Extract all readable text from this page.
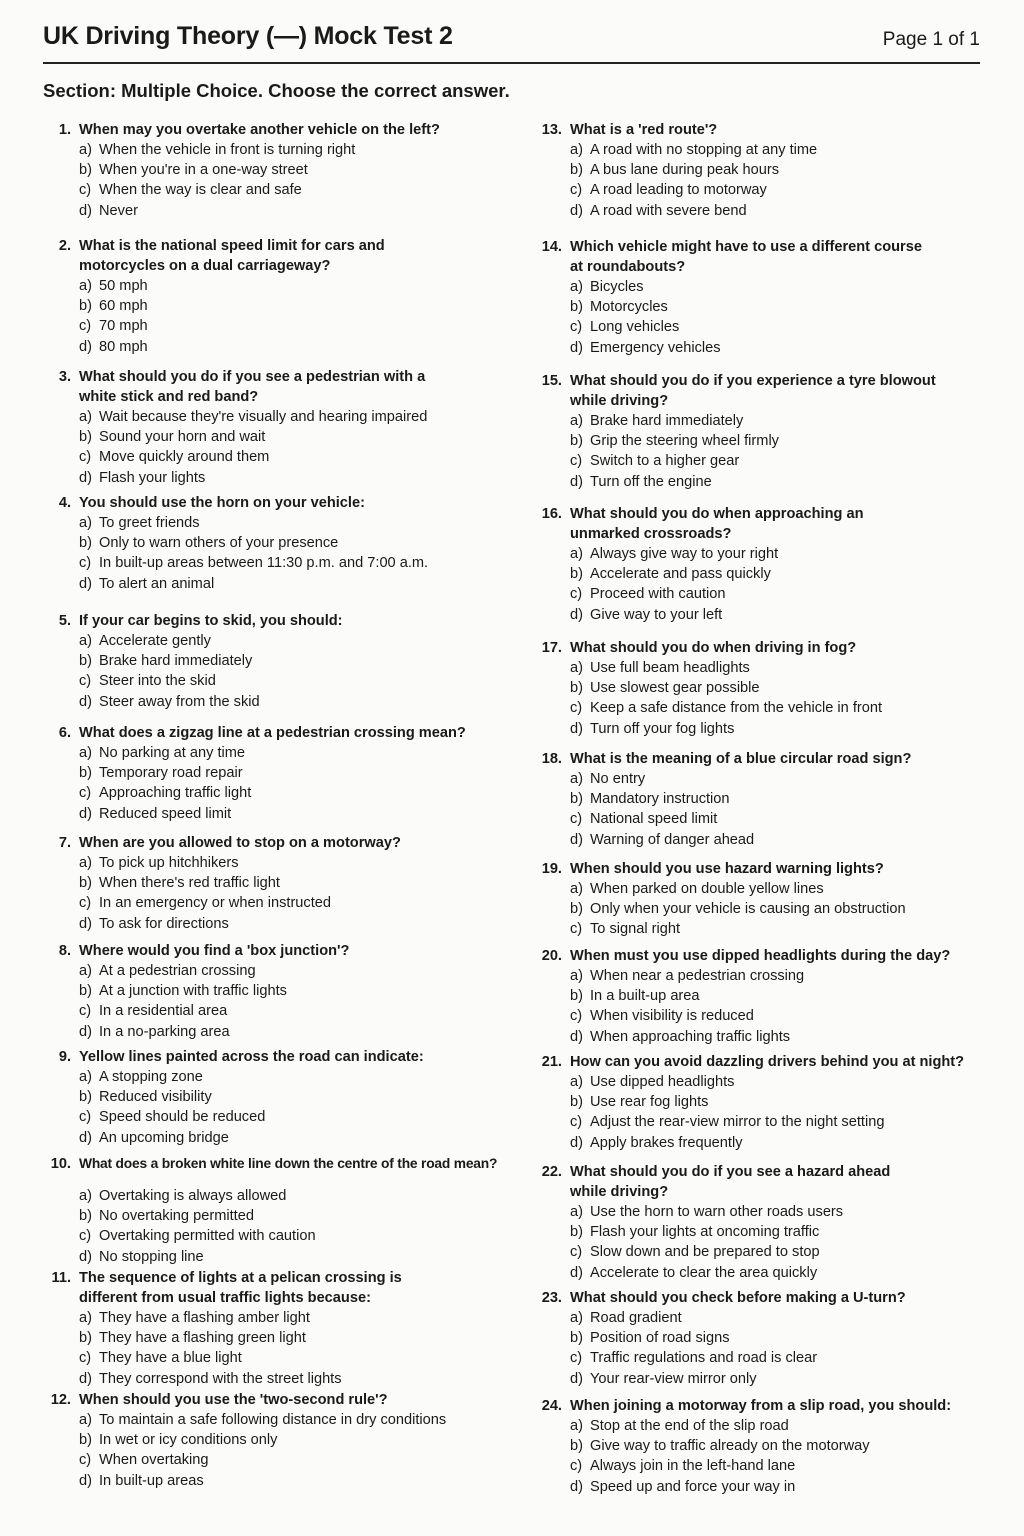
UK Driving Theory (—) Mock Test 2	Page 1 of 1
Section: Multiple Choice. Choose the correct answer.
1. When may you overtake another vehicle on the left?
a) When the vehicle in front is turning right
b) When you're in a one-way street
c) When the way is clear and safe
d) Never
2. What is the national speed limit for cars and
motorcycles on a dual carriageway?
a) 50 mph
b) 60 mph
c) 70 mph
d) 80 mph
3. What should you do if you see a pedestrian with a
white stick and red band?
a) Wait because they're visually and hearing impaired
b) Sound your horn and wait
c) Move quickly around them
d) Flash your lights
4. You should use the horn on your vehicle:
a) To greet friends
b) Only to warn others of your presence
c) In built-up areas between 11:30 p.m. and 7:00 a.m.
d) To alert an animal
5. If your car begins to skid, you should:
a) Accelerate gently
b) Brake hard immediately
c) Steer into the skid
d) Steer away from the skid
6. What does a zigzag line at a pedestrian crossing mean?
a) No parking at any time
b) Temporary road repair
c) Approaching traffic light
d) Reduced speed limit
7. When are you allowed to stop on a motorway?
a) To pick up hitchhikers
b) When there's red traffic light
c) In an emergency or when instructed
d) To ask for directions
8. Where would you find a 'box junction'?
a) At a pedestrian crossing
b) At a junction with traffic lights
c) In a residential area
d) In a no-parking area
9. Yellow lines painted across the road can indicate:
a) A stopping zone
b) Reduced visibility
c) Speed should be reduced
d) An upcoming bridge
10. What does a broken white line down the centre of the road mean?
a) Overtaking is always allowed
b) No overtaking permitted
c) Overtaking permitted with caution
d) No stopping line
11. The sequence of lights at a pelican crossing is
different from usual traffic lights because:
a) They have a flashing amber light
b) They have a flashing green light
c) They have a blue light
d) They correspond with the street lights
12. When should you use the 'two-second rule'?
a) To maintain a safe following distance in dry conditions
b) In wet or icy conditions only
c) When overtaking
d) In built-up areas
13. What is a 'red route'?
a) A road with no stopping at any time
b) A bus lane during peak hours
c) A road leading to motorway
d) A road with severe bend
14. Which vehicle might have to use a different course
at roundabouts?
a) Bicycles
b) Motorcycles
c) Long vehicles
d) Emergency vehicles
15. What should you do if you experience a tyre blowout
while driving?
a) Brake hard immediately
b) Grip the steering wheel firmly
c) Switch to a higher gear
d) Turn off the engine
16. What should you do when approaching an
unmarked crossroads?
a) Always give way to your right
b) Accelerate and pass quickly
c) Proceed with caution
d) Give way to your left
17. What should you do when driving in fog?
a) Use full beam headlights
b) Use slowest gear possible
c) Keep a safe distance from the vehicle in front
d) Turn off your fog lights
18. What is the meaning of a blue circular road sign?
a) No entry
b) Mandatory instruction
c) National speed limit
d) Warning of danger ahead
19. When should you use hazard warning lights?
a) When parked on double yellow lines
b) Only when your vehicle is causing an obstruction
c) To signal right
20. When must you use dipped headlights during the day?
a) When near a pedestrian crossing
b) In a built-up area
c) When visibility is reduced
d) When approaching traffic lights
21. How can you avoid dazzling drivers behind you at night?
a) Use dipped headlights
b) Use rear fog lights
c) Adjust the rear-view mirror to the night setting
d) Apply brakes frequently
22. What should you do if you see a hazard ahead
while driving?
a) Use the horn to warn other roads users
b) Flash your lights at oncoming traffic
c) Slow down and be prepared to stop
d) Accelerate to clear the area quickly
23. What should you check before making a U-turn?
a) Road gradient
b) Position of road signs
c) Traffic regulations and road is clear
d) Your rear-view mirror only
24. When joining a motorway from a slip road, you should:
a) Stop at the end of the slip road
b) Give way to traffic already on the motorway
c) Always join in the left-hand lane
d) Speed up and force your way in
